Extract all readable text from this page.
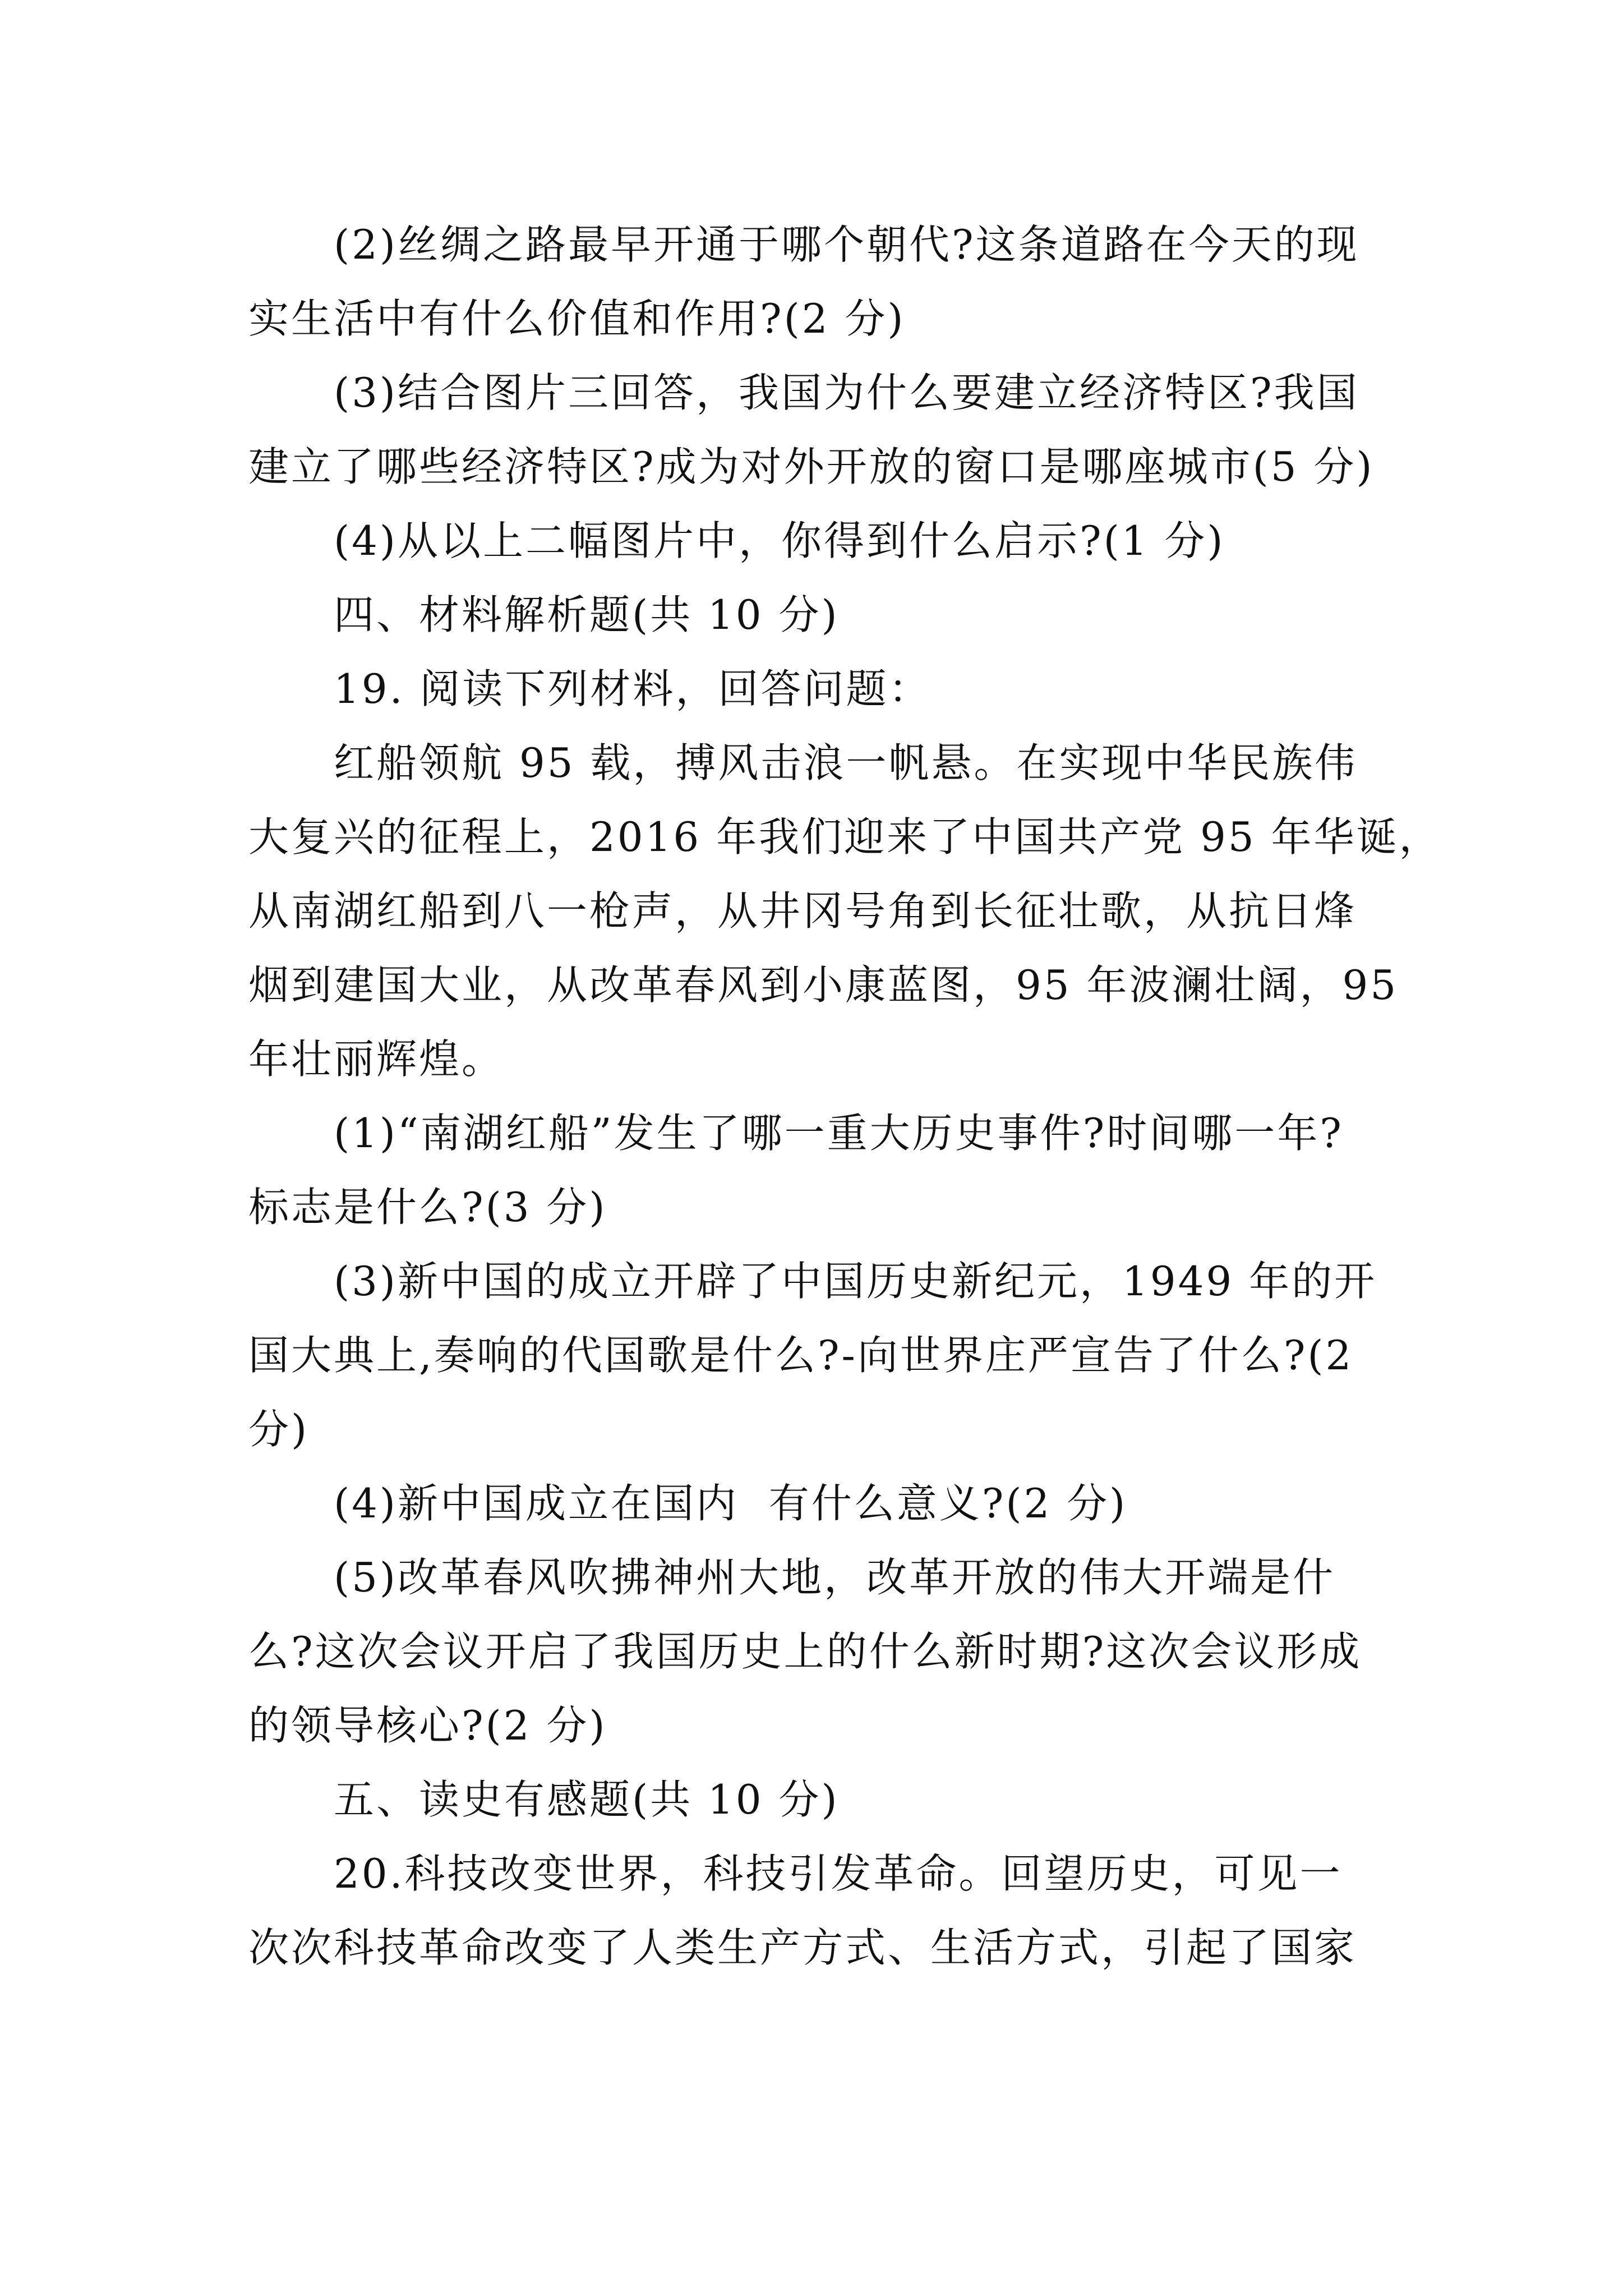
(2)丝绸之路最早开通于哪个朝代?这条道路在今天的现
实生活中有什么价值和作用?(2 分)
(3)结合图片三回答，我国为什么要建立经济特区?我国
建立了哪些经济特区?成为对外开放的窗口是哪座城市(5 分)
(4)从以上二幅图片中，你得到什么启示?(1 分)
四、材料解析题(共 10 分)
19. 阅读下列材料，回答问题：
红船领航 95 载，搏风击浪一帆悬。在实现中华民族伟
大复兴的征程上，2016 年我们迎来了中国共产党 95 年华诞，
从南湖红船到八一枪声，从井冈号角到长征壮歌，从抗日烽
烟到建国大业，从改革春风到小康蓝图，95 年波澜壮阔，95
年壮丽辉煌。
(1)“南湖红船”发生了哪一重大历史事件?时间哪一年?
标志是什么?(3 分)
(3)新中国的成立开辟了中国历史新纪元，1949 年的开
国大典上,奏响的代国歌是什么?-向世界庄严宣告了什么?(2
分)
(4)新中国成立在国内  有什么意义?(2 分)
(5)改革春风吹拂神州大地，改革开放的伟大开端是什
么?这次会议开启了我国历史上的什么新时期?这次会议形成
的领导核心?(2 分)
五、读史有感题(共 10 分)
20.科技改变世界，科技引发革命。回望历史，可见一
次次科技革命改变了人类生产方式、生活方式，引起了国家
